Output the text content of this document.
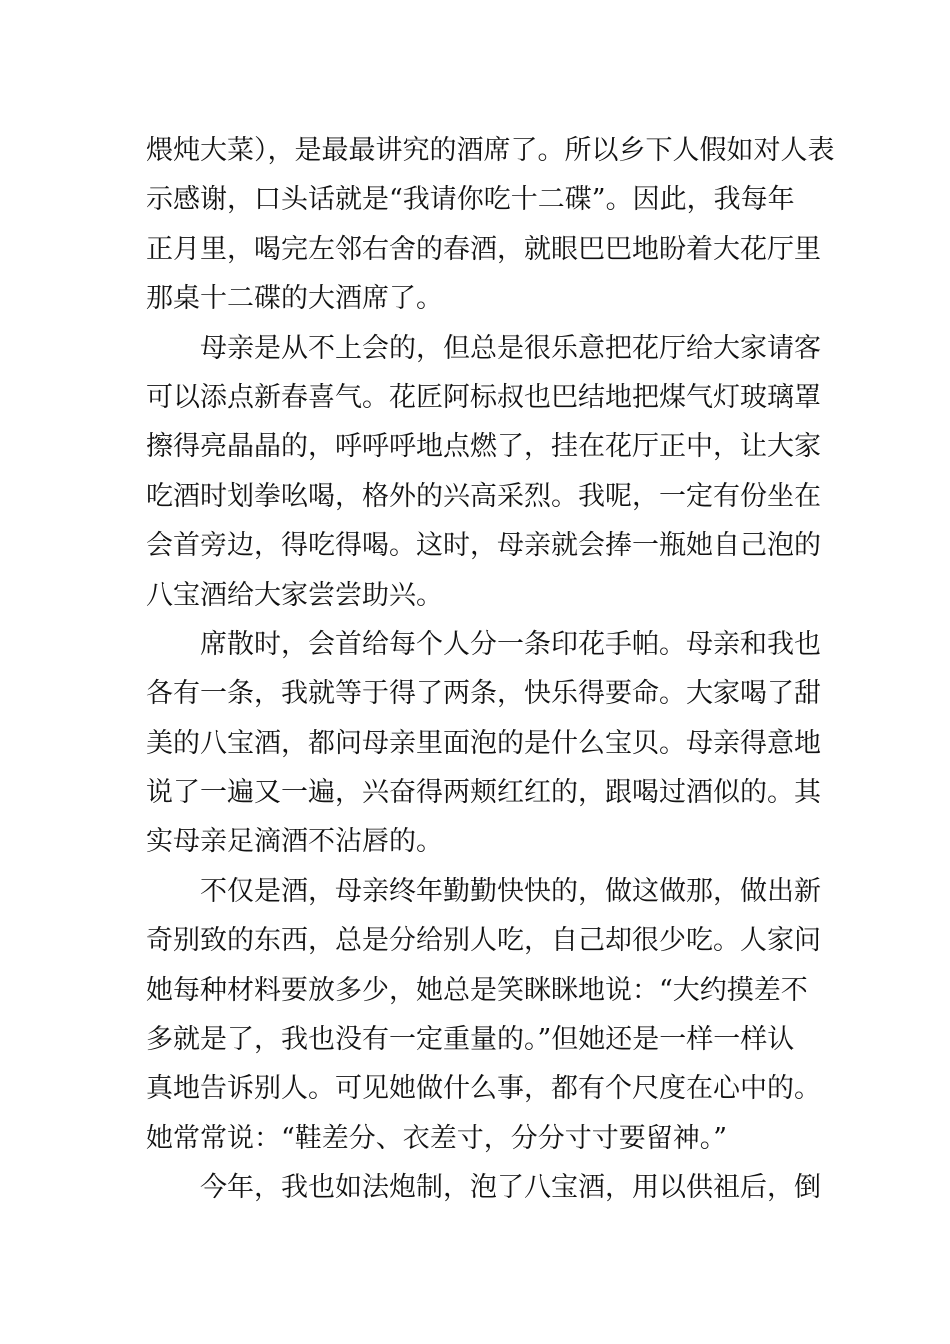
煨炖大菜），是最最讲究的酒席了。所以乡下人假如对人表
示感谢，口头话就是“我请你吃十二碟”。因此，我每年
正月里，喝完左邻右舍的春酒，就眼巴巴地盼着大花厅里
那桌十二碟的大酒席了。
母亲是从不上会的，但总是很乐意把花厅给大家请客
可以添点新春喜气。花匠阿标叔也巴结地把煤气灯玻璃罩
擦得亮晶晶的，呼呼呼地点燃了，挂在花厅正中，让大家
吃酒时划拳吆喝，格外的兴高采烈。我呢，一定有份坐在
会首旁边，得吃得喝。这时，母亲就会捧一瓶她自己泡的
八宝酒给大家尝尝助兴。
席散时，会首给每个人分一条印花手帕。母亲和我也
各有一条，我就等于得了两条，快乐得要命。大家喝了甜
美的八宝酒，都问母亲里面泡的是什么宝贝。母亲得意地
说了一遍又一遍，兴奋得两颊红红的，跟喝过酒似的。其
实母亲足滴酒不沾唇的。
不仅是酒，母亲终年勤勤快快的，做这做那，做出新
奇别致的东西，总是分给别人吃，自己却很少吃。人家问
她每种材料要放多少，她总是笑眯眯地说：“大约摸差不
多就是了，我也没有一定重量的。”但她还是一样一样认
真地告诉别人。可见她做什么事，都有个尺度在心中的。
她常常说：“鞋差分、衣差寸，分分寸寸要留神。”
今年，我也如法炮制，泡了八宝酒，用以供祖后，倒
